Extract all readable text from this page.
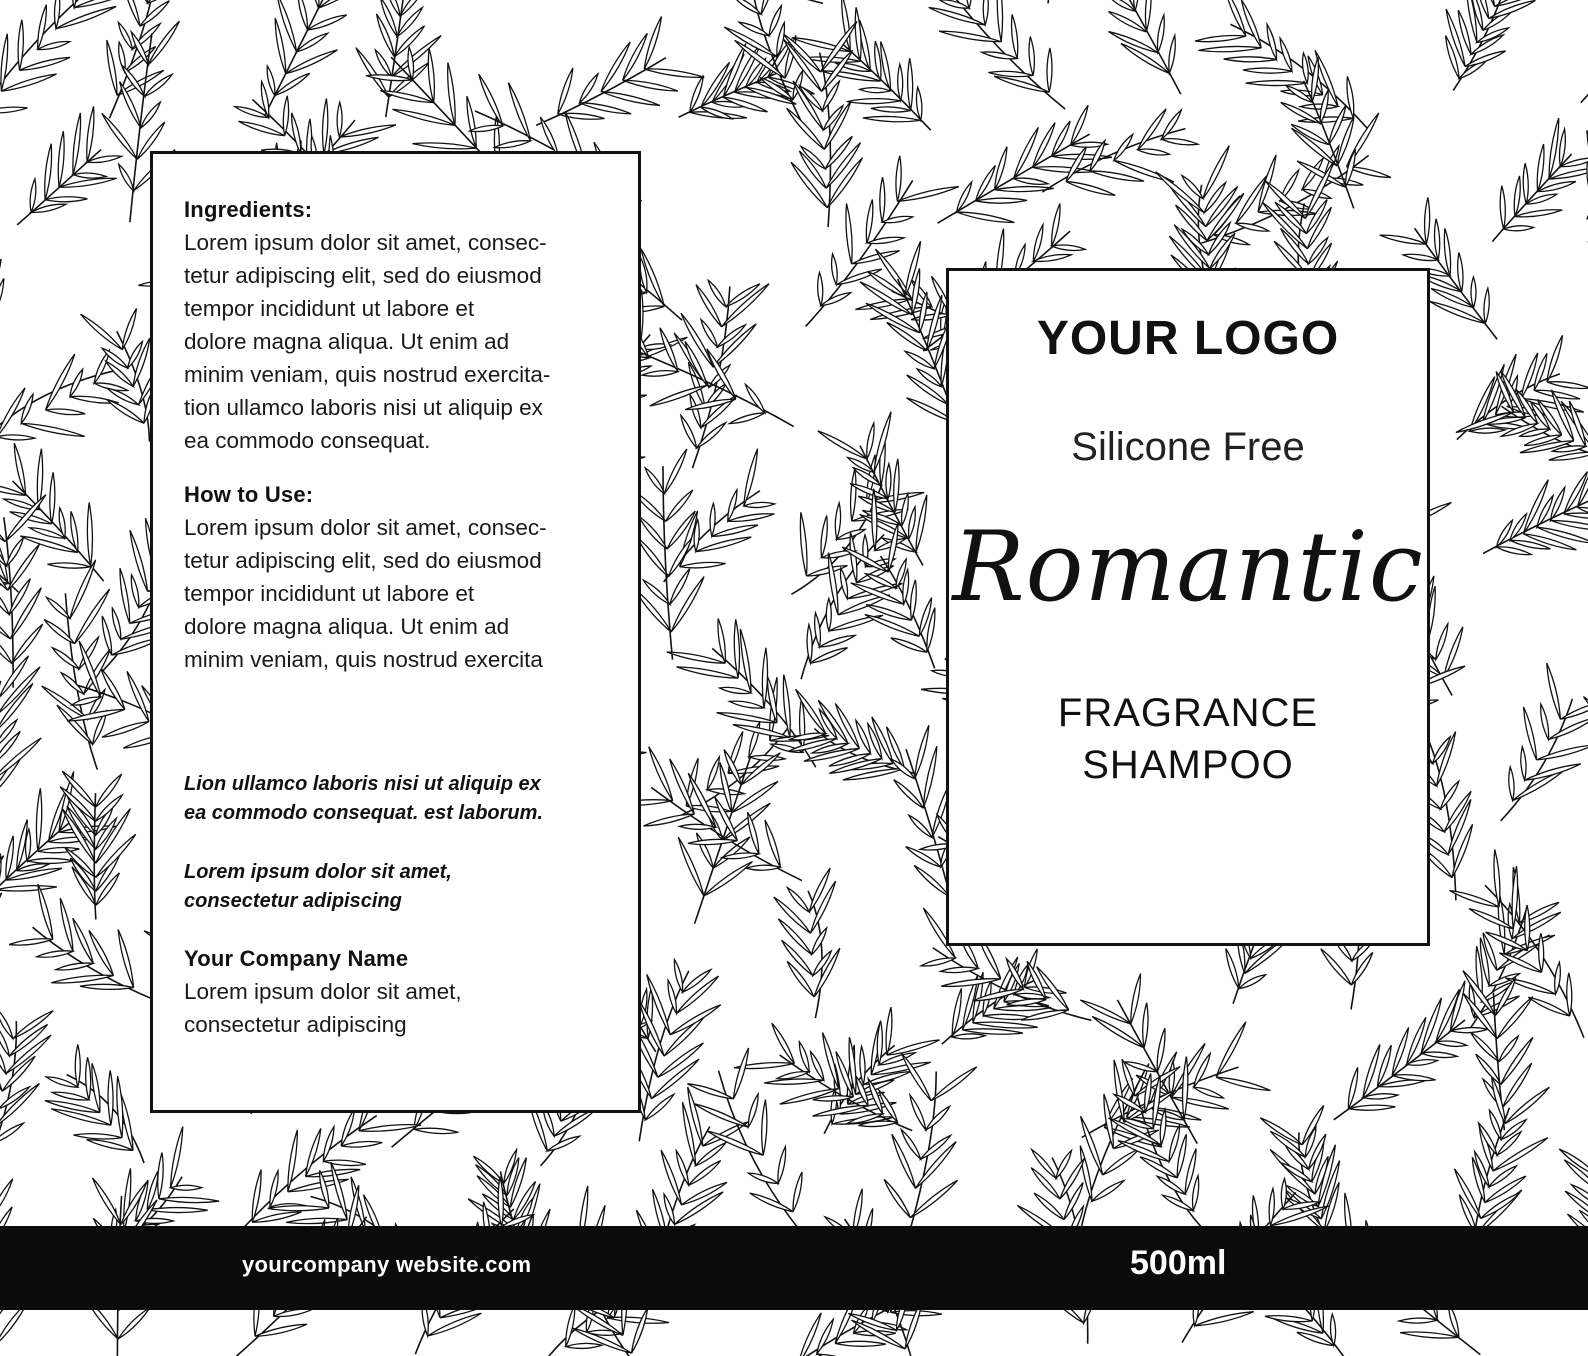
Ingredients:
Lorem ipsum dolor sit amet, consec-
tetur adipiscing elit, sed do eiusmod
tempor incididunt ut labore et
dolore magna aliqua. Ut enim ad
minim veniam, quis nostrud exercita-
tion ullamco laboris nisi ut aliquip ex
ea commodo consequat.
How to Use:
Lorem ipsum dolor sit amet, consec-
tetur adipiscing elit, sed do eiusmod
tempor incididunt ut labore et
dolore magna aliqua. Ut enim ad
minim veniam, quis nostrud exercita
Lion ullamco laboris nisi ut aliquip ex
ea commodo consequat. est laborum.
Lorem ipsum dolor sit amet,
consectetur adipiscing
Your Company Name
Lorem ipsum dolor sit amet,
consectetur adipiscing
YOUR LOGO
Silicone Free
Romantic
FRAGRANCE
SHAMPOO
yourcompany website.com	500ml
